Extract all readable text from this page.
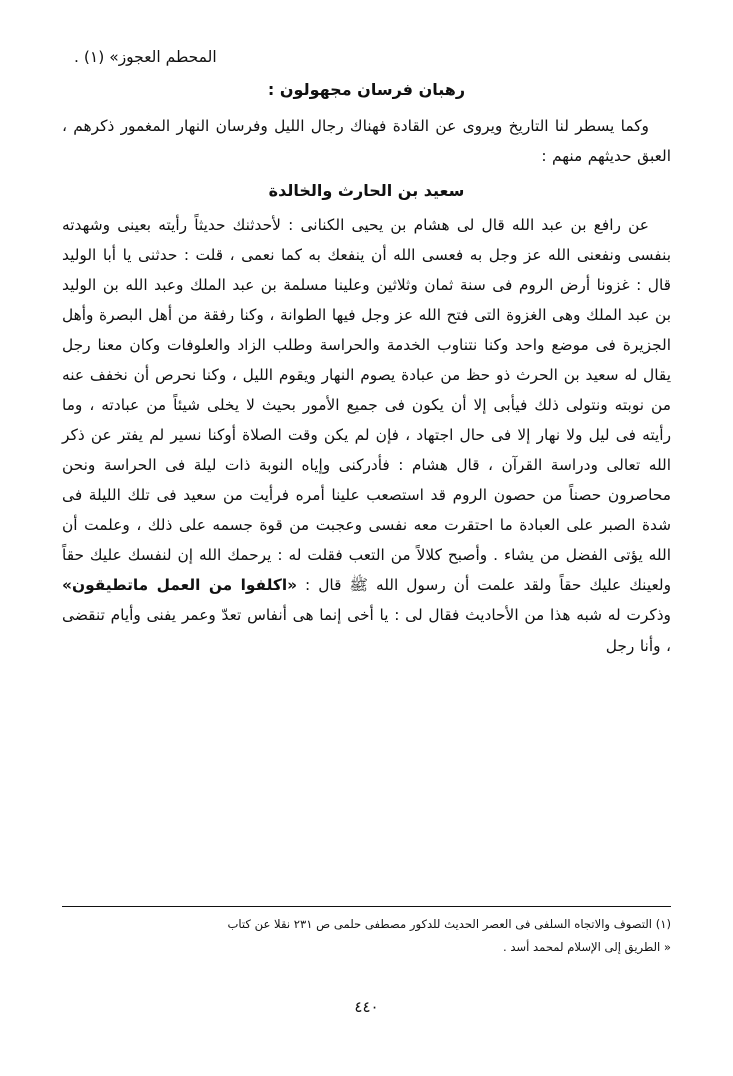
المحطم العجوز» (١) .
رهبان فرسان مجهولون :

وكما يسطر لنا التاريخ ويروى عن القادة فهناك رجال الليل وفرسان النهار المغمور ذكرهم ، العبق حديثهم منهم :

سعيد بن الحارث والخالدة

عن رافع بن عبد الله قال لى هشام بن يحيى الكنانى : لأحدثنك حديثاً رأيته بعينى وشهدته بنفسى ونفعنى الله عز وجل به فعسى الله أن ينفعك به كما نعمى ، قلت : حدثنى يا أبا الوليد قال : غزونا أرض الروم فى سنة ثمان وثلاثين وعلينا مسلمة بن عبد الملك وعبد الله بن الوليد بن عبد الملك وهى الغزوة التى فتح الله عز وجل فيها الطوانة ، وكنا رفقة من أهل البصرة وأهل الجزيرة فى موضع واحد وكنا نتناوب الخدمة والحراسة وطلب الزاد والعلوفات وكان معنا رجل يقال له سعيد بن الحرث ذو حظ من عبادة يصوم النهار ويقوم الليل ، وكنا نحرص أن نخفف عنه من نوبته ونتولى ذلك فيأبى إلا أن يكون فى جميع الأمور بحيث لا يخلى شيئاً من عبادته ، وما رأيته فى ليل ولا نهار إلا فى حال اجتهاد ، فإن لم يكن وقت الصلاة أوكنا نسير لم يفتر عن ذكر الله تعالى ودراسة القرآن ، قال هشام : فأدركنى وإياه النوبة ذات ليلة فى الحراسة ونحن محاصرون حصناً من حصون الروم قد استصعب علينا أمره فرأيت من سعيد فى تلك الليلة فى شدة الصبر على العبادة ما احتقرت معه نفسى وعجبت من قوة جسمه على ذلك ، وعلمت أن الله يؤتى الفضل من يشاء . وأصبح كلالاً من التعب فقلت له : يرحمك الله إن لنفسك عليك حقاً ولعينك عليك حقاً ولقد علمت أن رسول الله ﷺ قال : «اكلفوا من العمل ماتطيقون» وذكرت له شبه هذا من الأحاديث فقال لى : يا أخى إنما هى أنفاس تعدّ وعمر يفنى وأيام تنقضى ، وأنا رجل

(١) التصوف والاتجاه السلفى فى العصر الحديث للدكور مصطفى حلمى ص ٢٣١ نقلا عن كتاب
« الطريق إلى الإسلام لمحمد أسد .

٤٤٠
